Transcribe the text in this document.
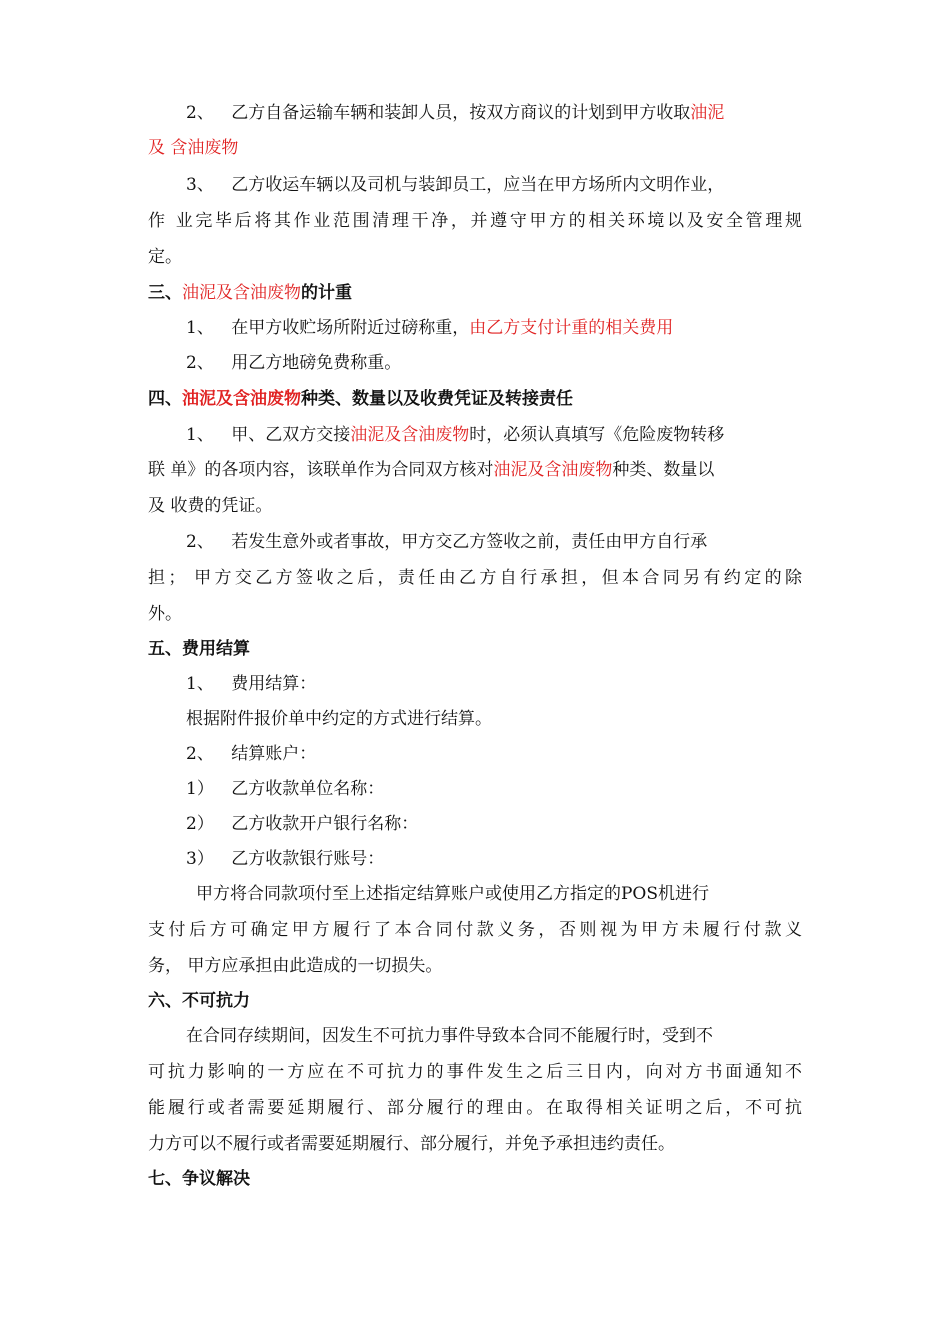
2、 乙方自备运输车辆和装卸人员，按双方商议的计划到甲方收取油泥
及 含油废物
3、 乙方收运车辆以及司机与装卸员工，应当在甲方场所内文明作业，
作 业完毕后将其作业范围清理干净，并遵守甲方的相关环境以及安全管理规
定。
三、油泥及含油废物的计重
1、 在甲方收贮场所附近过磅称重，由乙方支付计重的相关费用
2、 用乙方地磅免费称重。
四、油泥及含油废物种类、数量以及收费凭证及转接责任
1、 甲、乙双方交接油泥及含油废物时，必须认真填写《危险废物转移
联 单》的各项内容，该联单作为合同双方核对油泥及含油废物种类、数量以
及 收费的凭证。
2、 若发生意外或者事故，甲方交乙方签收之前，责任由甲方自行承
担； 甲方交乙方签收之后，责任由乙方自行承担，但本合同另有约定的除
外。
五、费用结算
1、 费用结算：
根据附件报价单中约定的方式进行结算。
2、 结算账户：
1） 乙方收款单位名称：
2） 乙方收款开户银行名称：
3） 乙方收款银行账号：
甲方将合同款项付至上述指定结算账户或使用乙方指定的POS机进行
支付后方可确定甲方履行了本合同付款义务，否则视为甲方未履行付款义
务， 甲方应承担由此造成的一切损失。
六、不可抗力
在合同存续期间，因发生不可抗力事件导致本合同不能履行时，受到不
可抗力影响的一方应在不可抗力的事件发生之后三日内，向对方书面通知不
能履行或者需要延期履行、部分履行的理由。在取得相关证明之后，不可抗
力方可以不履行或者需要延期履行、部分履行，并免予承担违约责任。
七、争议解决
